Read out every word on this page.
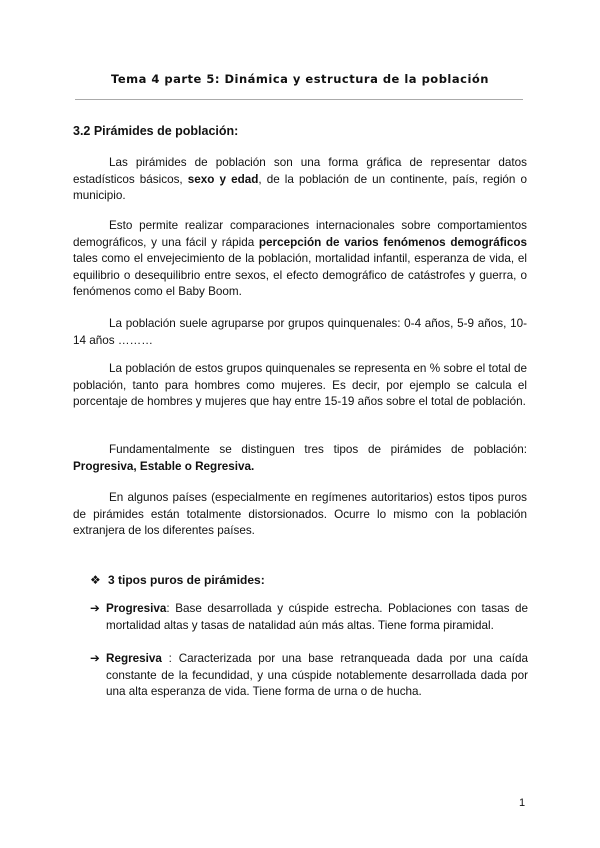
Tema 4 parte 5: Dinámica y estructura de la población
3.2 Pirámides de población:
Las pirámides de población son una forma gráfica de representar datos estadísticos básicos, sexo y edad, de la población de un continente, país, región o municipio.
Esto permite realizar comparaciones internacionales sobre comportamientos demográficos, y una fácil y rápida percepción de varios fenómenos demográficos tales como el envejecimiento de la población, mortalidad infantil, esperanza de vida, el equilibrio o desequilibrio entre sexos, el efecto demográfico de catástrofes y guerra, o fenómenos como el Baby Boom.
La población suele agruparse por grupos quinquenales: 0-4 años, 5-9 años, 10- 14 años ………
La población de estos grupos quinquenales se representa en % sobre el total de población, tanto para hombres como mujeres. Es decir, por ejemplo se calcula el porcentaje de hombres y mujeres que hay entre 15-19 años sobre el total de población.
Fundamentalmente se distinguen tres tipos de pirámides de población: Progresiva, Estable o Regresiva.
En algunos países (especialmente en regímenes autoritarios) estos tipos puros de pirámides están totalmente distorsionados. Ocurre lo mismo con la población extranjera de los diferentes países.
❖ 3 tipos puros de pirámides:
➔ Progresiva: Base desarrollada y cúspide estrecha. Poblaciones con tasas de mortalidad altas y tasas de natalidad aún más altas. Tiene forma piramidal.
➔ Regresiva : Caracterizada por una base retranqueada dada por una caída constante de la fecundidad, y una cúspide notablemente desarrollada dada por una alta esperanza de vida. Tiene forma de urna o de hucha.
1
